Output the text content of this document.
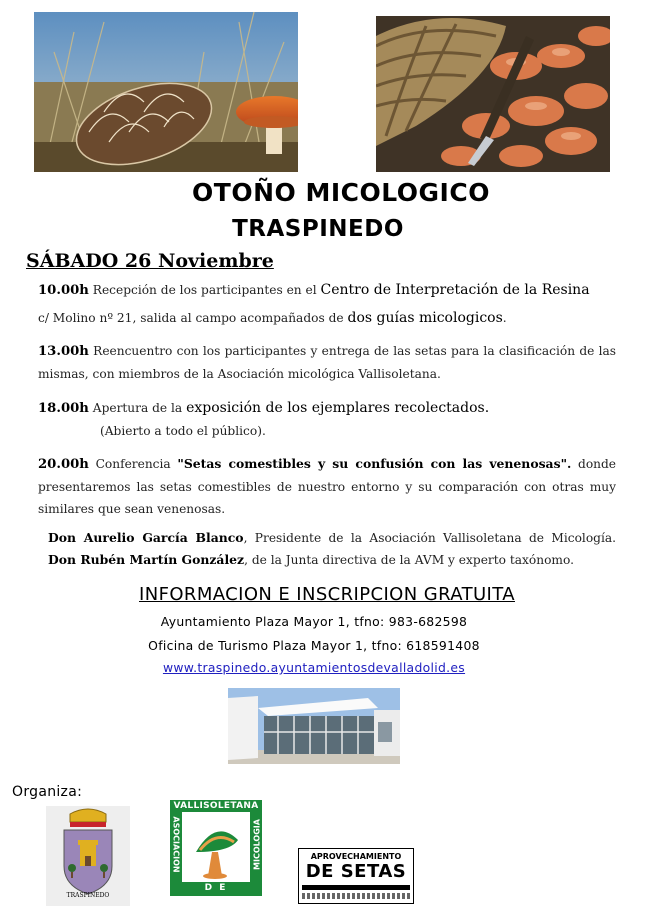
OTOÑO MICOLOGICO
TRASPINEDO
SÁBADO 26 Noviembre
10.00h Recepción de los participantes en el Centro de Interpretación de la Resina
c/ Molino nº 21, salida al campo acompañados de dos guías micologicos.
13.00h Reencuentro con los participantes y entrega de las setas para la clasificación de las mismas, con miembros de la Asociación micológica Vallisoletana.
18.00h Apertura de la exposición de los ejemplares recolectados.
(Abierto a todo el público).
20.00h Conferencia "Setas comestibles y su confusión con las venenosas". donde presentaremos las setas comestibles de nuestro entorno y su comparación con otras muy similares que sean venenosas.
Don Aurelio García Blanco, Presidente de la Asociación Vallisoletana de Micología.
Don Rubén Martín González, de la Junta directiva de la AVM y experto taxónomo.
INFORMACION E INSCRIPCION GRATUITA
Ayuntamiento Plaza Mayor 1, tfno: 983-682598
Oficina de Turismo Plaza Mayor 1, tfno: 618591408
www.traspinedo.ayuntamientosdevalladolid.es
Organiza:
TRASPINEDO
VALLISOLETANA
ASOCIACION	MICOLOGIA
D E
APROVECHAMIENTO
DE SETAS
